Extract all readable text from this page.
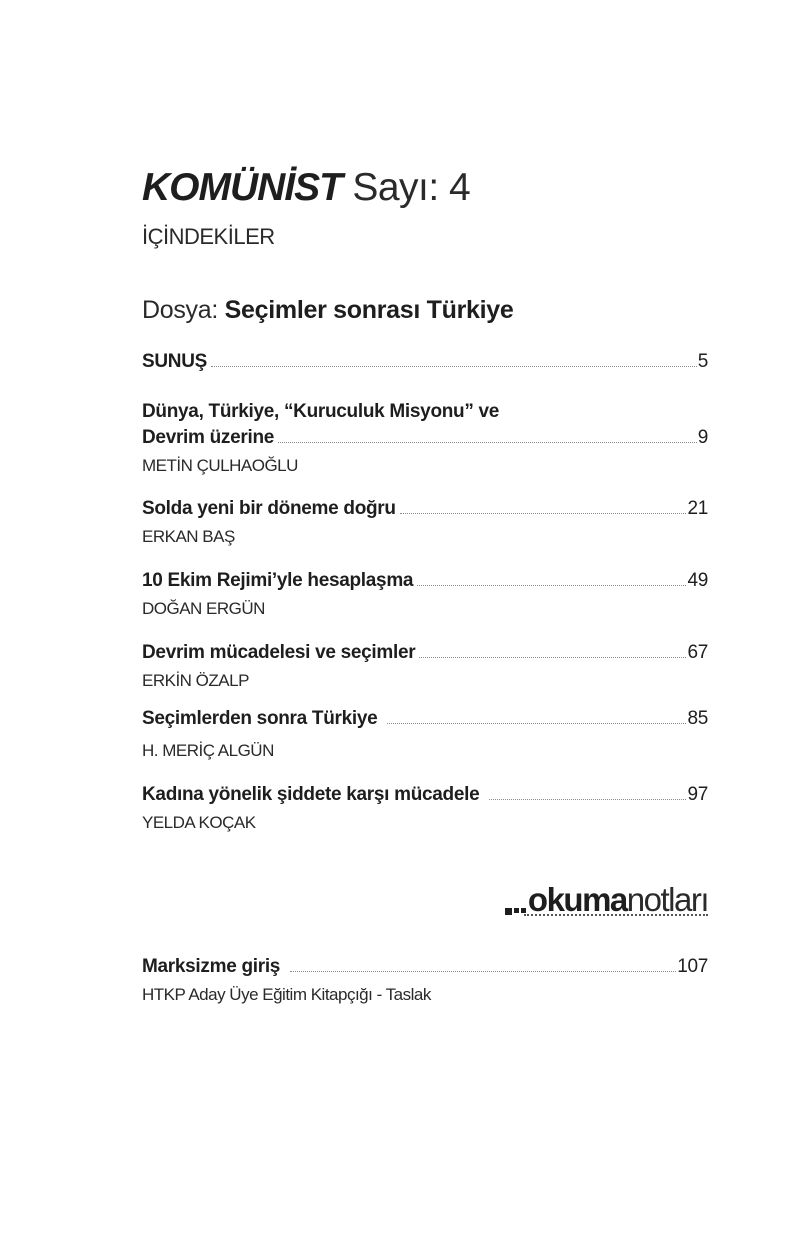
KOMÜNİST Sayı: 4
İÇİNDEKİLER
Dosya: Seçimler sonrası Türkiye
SUNUŞ	5
Dünya, Türkiye, “Kuruculuk Misyonu” ve
Devrim üzerine	9
METİN ÇULHAOĞLU
Solda yeni bir döneme doğru	21
ERKAN BAŞ
10 Ekim Rejimi’yle hesaplaşma	49
DOĞAN ERGÜN
Devrim mücadelesi ve seçimler	67
ERKİN ÖZALP
Seçimlerden sonra Türkiye	85
H. MERİÇ ALGÜN
Kadına yönelik şiddete karşı mücadele	97
YELDA KOÇAK
okumanotları
Marksizme giriş	107
HTKP Aday Üye Eğitim Kitapçığı - Taslak
